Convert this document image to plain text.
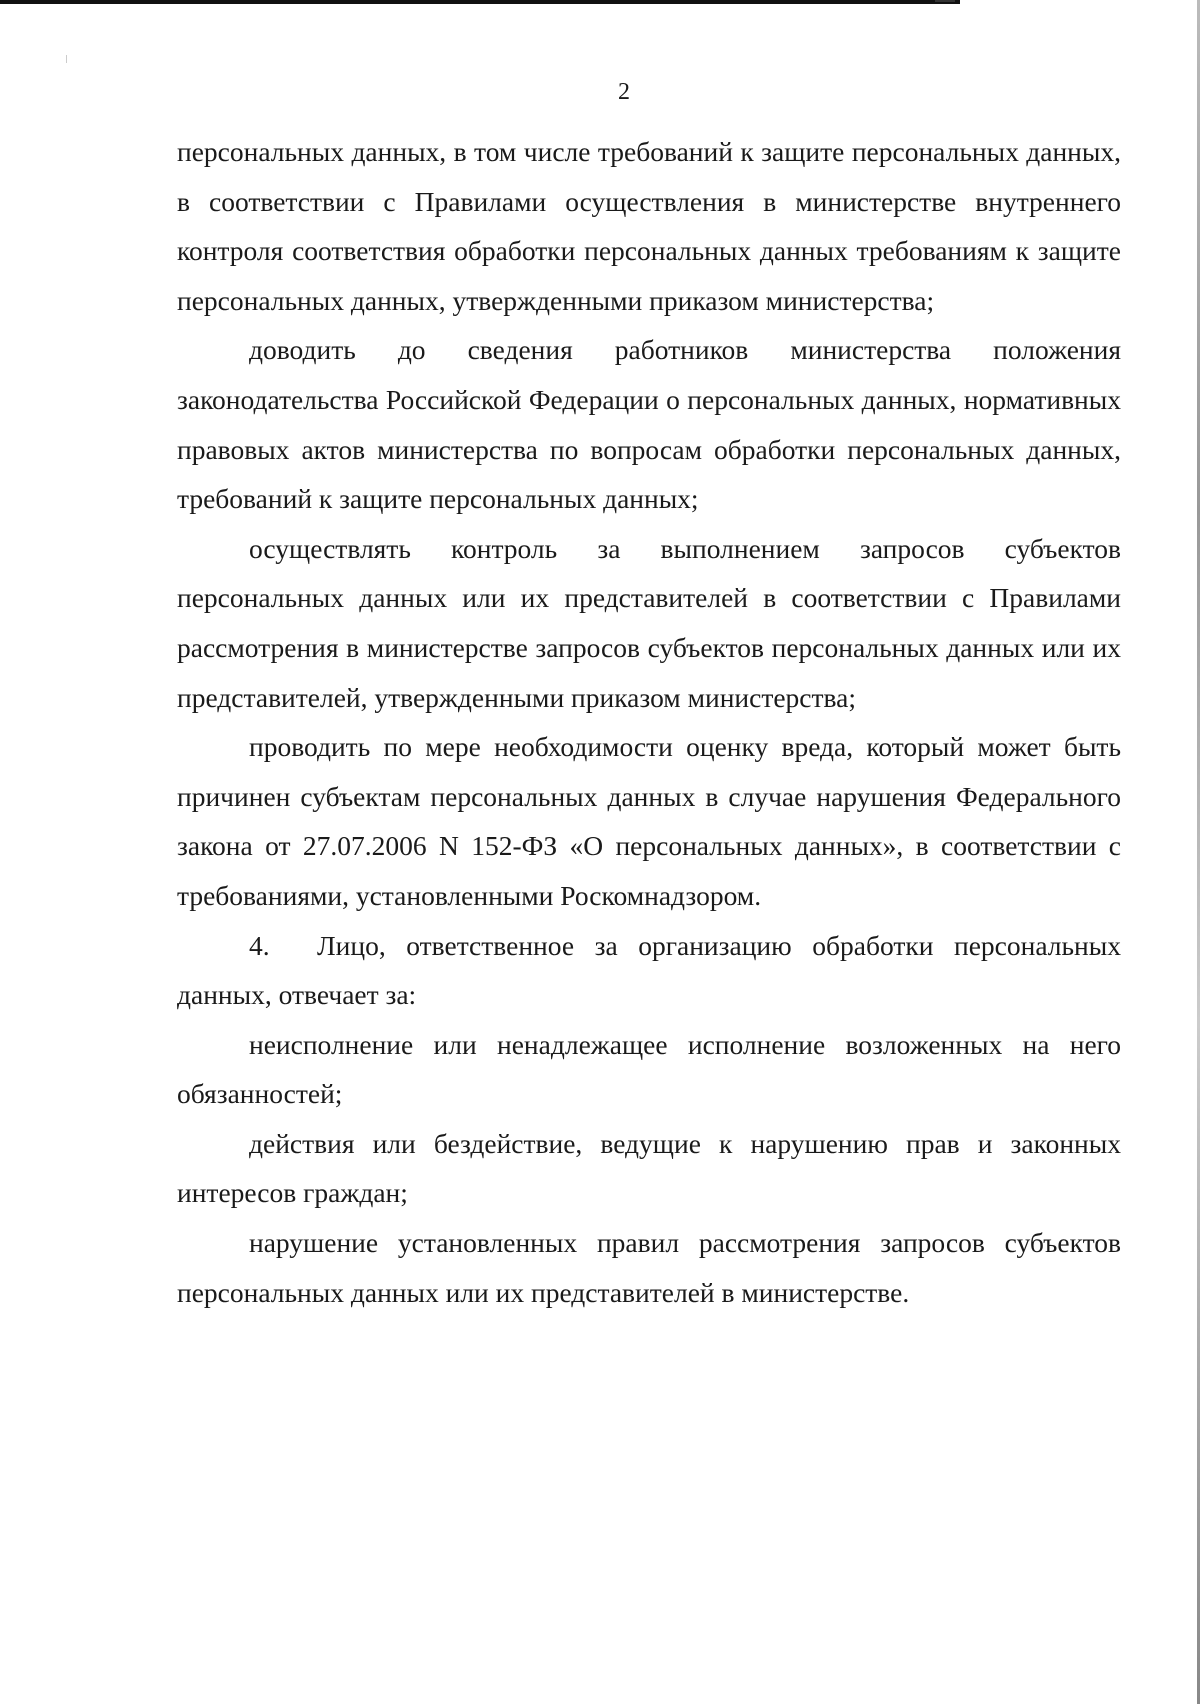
2

персональных данных, в том числе требований к защите персональных данных, в соответствии с Правилами осуществления в министерстве внутреннего контроля соответствия обработки персональных данных требованиям к защите персональных данных, утвержденными приказом министерства;

доводить до сведения работников министерства положения законодательства Российской Федерации о персональных данных, нормативных правовых актов министерства по вопросам обработки персональных данных, требований к защите персональных данных;

осуществлять контроль за выполнением запросов субъектов персональных данных или их представителей в соответствии с Правилами рассмотрения в министерстве запросов субъектов персональных данных или их представителей, утвержденными приказом министерства;

проводить по мере необходимости оценку вреда, который может быть причинен субъектам персональных данных в случае нарушения Федерального закона от 27.07.2006 N 152-ФЗ «О персональных данных», в соответствии с требованиями, установленными Роскомнадзором.

4. Лицо, ответственное за организацию обработки персональных данных, отвечает за:

неисполнение или ненадлежащее исполнение возложенных на него обязанностей;

действия или бездействие, ведущие к нарушению прав и законных интересов граждан;

нарушение установленных правил рассмотрения запросов субъектов персональных данных или их представителей в министерстве.
